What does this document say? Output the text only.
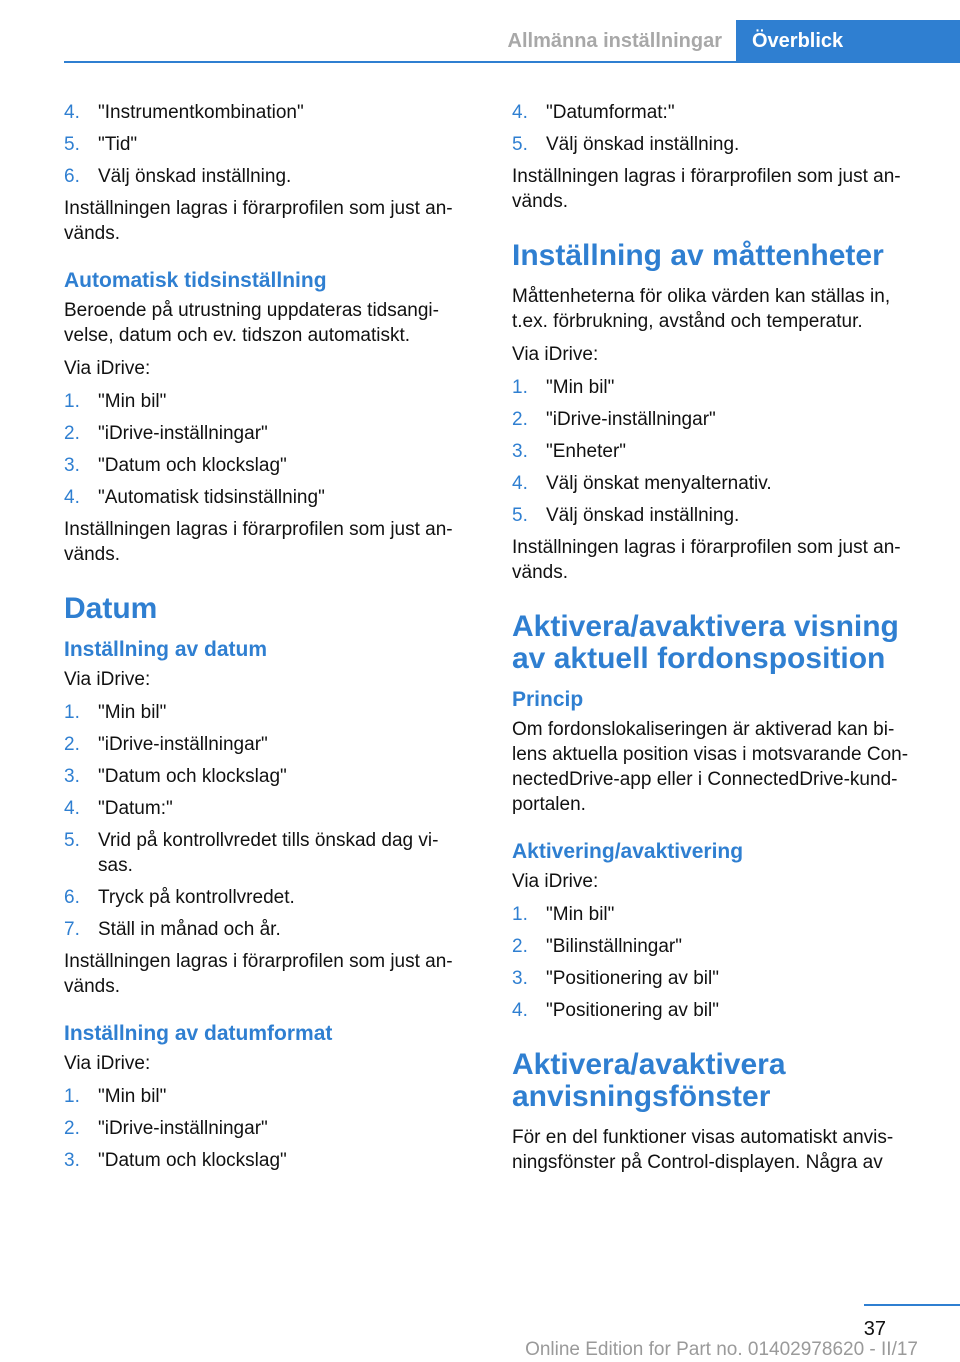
Allmänna inställningar	Överblick
4. "Instrumentkombination"
5. "Tid"
6. Välj önskad inställning.
Inställningen lagras i förarprofilen som just an‐vänds.
Automatisk tidsinställning
Beroende på utrustning uppdateras tidsangi‐velse, datum och ev. tidszon automatiskt.
Via iDrive:
1. "Min bil"
2. "iDrive-inställningar"
3. "Datum och klockslag"
4. "Automatisk tidsinställning"
Inställningen lagras i förarprofilen som just an‐vänds.
Datum
Inställning av datum
Via iDrive:
1. "Min bil"
2. "iDrive-inställningar"
3. "Datum och klockslag"
4. "Datum:"
5. Vrid på kontrollvredet tills önskad dag vi‐sas.
6. Tryck på kontrollvredet.
7. Ställ in månad och år.
Inställningen lagras i förarprofilen som just an‐vänds.
Inställning av datumformat
Via iDrive:
1. "Min bil"
2. "iDrive-inställningar"
3. "Datum och klockslag"
4. "Datumformat:"
5. Välj önskad inställning.
Inställningen lagras i förarprofilen som just an‐vänds.
Inställning av måttenheter
Måttenheterna för olika värden kan ställas in, t.ex. förbrukning, avstånd och temperatur.
Via iDrive:
1. "Min bil"
2. "iDrive-inställningar"
3. "Enheter"
4. Välj önskat menyalternativ.
5. Välj önskad inställning.
Inställningen lagras i förarprofilen som just an‐vänds.
Aktivera/avaktivera visning av aktuell fordonsposition
Princip
Om fordonslokaliseringen är aktiverad kan bi‐lens aktuella position visas i motsvarande Con‐nectedDrive-app eller i ConnectedDrive-kund‐portalen.
Aktivering/avaktivering
Via iDrive:
1. "Min bil"
2. "Bilinställningar"
3. "Positionering av bil"
4. "Positionering av bil"
Aktivera/avaktivera anvisningsfönster
För en del funktioner visas automatiskt anvis‐ningsfönster på Control-displayen. Några av
37
Online Edition for Part no. 01402978620 - II/17
